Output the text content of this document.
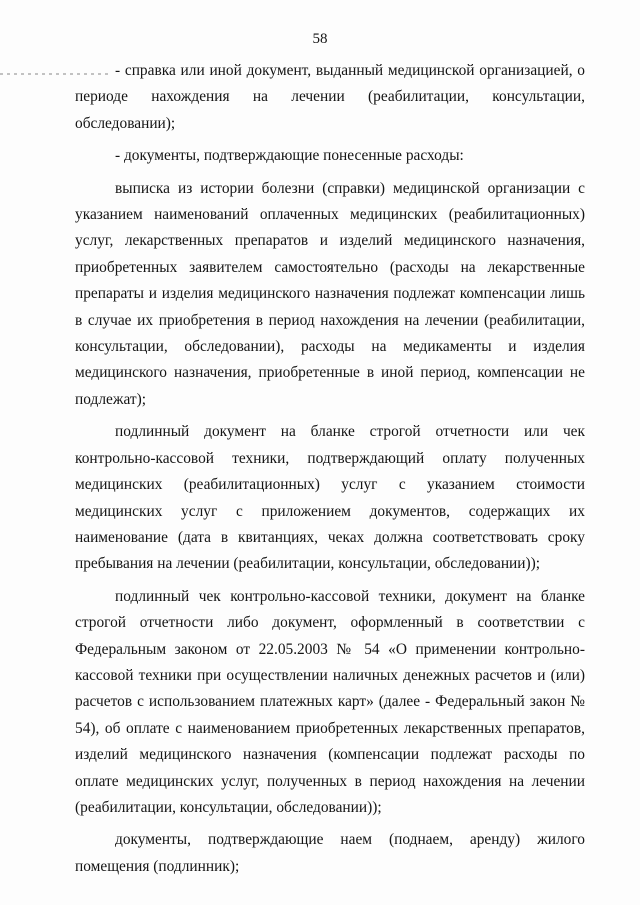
58

- справка или иной документ, выданный медицинской организацией, о периоде нахождения на лечении (реабилитации, консультации, обследовании);

- документы, подтверждающие понесенные расходы:

выписка из истории болезни (справки) медицинской организации с указанием наименований оплаченных медицинских (реабилитационных) услуг, лекарственных препаратов и изделий медицинского назначения, приобретенных заявителем самостоятельно (расходы на лекарственные препараты и изделия медицинского назначения подлежат компенсации лишь в случае их приобретения в период нахождения на лечении (реабилитации, консультации, обследовании), расходы на медикаменты и изделия медицинского назначения, приобретенные в иной период, компенсации не подлежат);

подлинный документ на бланке строгой отчетности или чек контрольно-кассовой техники, подтверждающий оплату полученных медицинских (реабилитационных) услуг с указанием стоимости медицинских услуг с приложением документов, содержащих их наименование (дата в квитанциях, чеках должна соответствовать сроку пребывания на лечении (реабилитации, консультации, обследовании));

подлинный чек контрольно-кассовой техники, документ на бланке строгой отчетности либо документ, оформленный в соответствии с Федеральным законом от 22.05.2003 № 54 «О применении контрольно-кассовой техники при осуществлении наличных денежных расчетов и (или) расчетов с использованием платежных карт» (далее - Федеральный закон № 54), об оплате с наименованием приобретенных лекарственных препаратов, изделий медицинского назначения (компенсации подлежат расходы по оплате медицинских услуг, полученных в период нахождения на лечении (реабилитации, консультации, обследовании));

документы, подтверждающие наем (поднаем, аренду) жилого помещения (подлинник);
